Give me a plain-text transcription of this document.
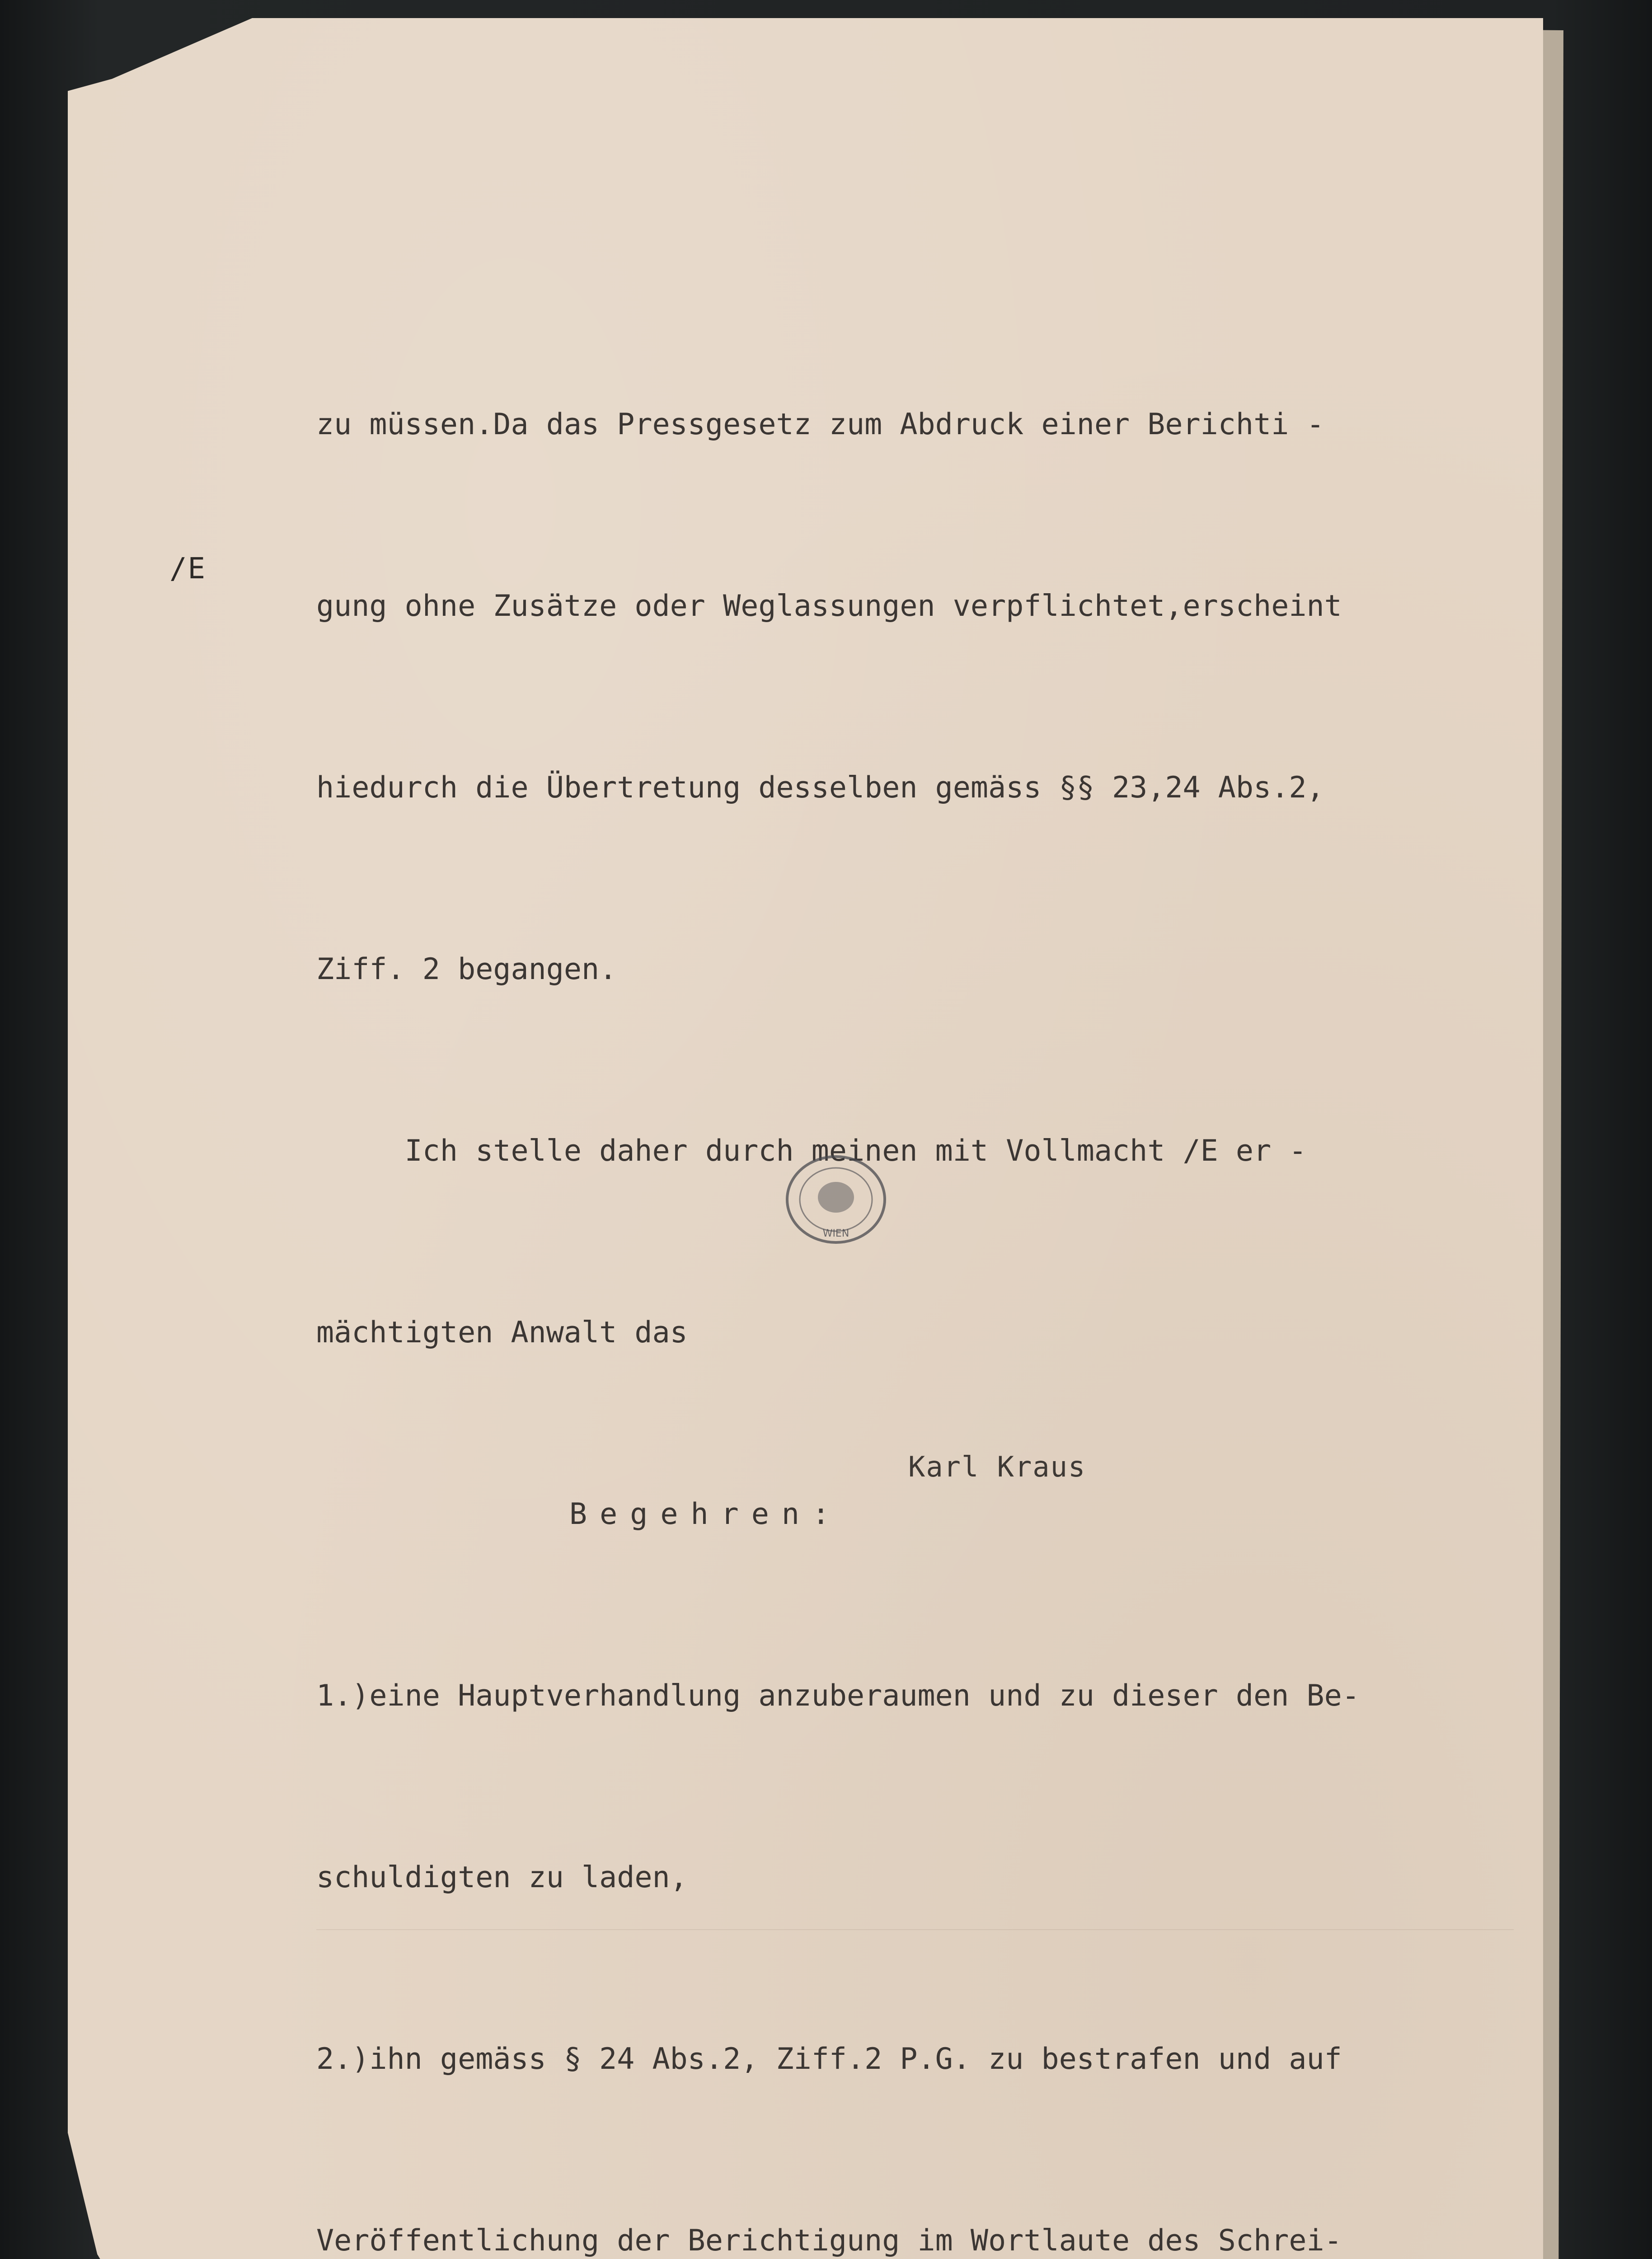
/E

zu müssen.Da das Pressgesetz zum Abdruck einer Berichti -

gung ohne Zusätze oder Weglassungen verpflichtet,erscheint

hiedurch die Übertretung desselben gemäss §§ 23,24 Abs.2,

Ziff. 2 begangen.

Ich stelle daher durch meinen mit Vollmacht /E er -

mächtigten Anwalt das

Begehren:

1.)eine Hauptverhandlung anzuberaumen und zu dieser den Be-

schuldigten zu laden,

2.)ihn gemäss § 24 Abs.2, Ziff.2 P.G. zu bestrafen und auf

Veröffentlichung der Berichtigung im Wortlaute des Schrei-

Karl Kraus
WIEN
